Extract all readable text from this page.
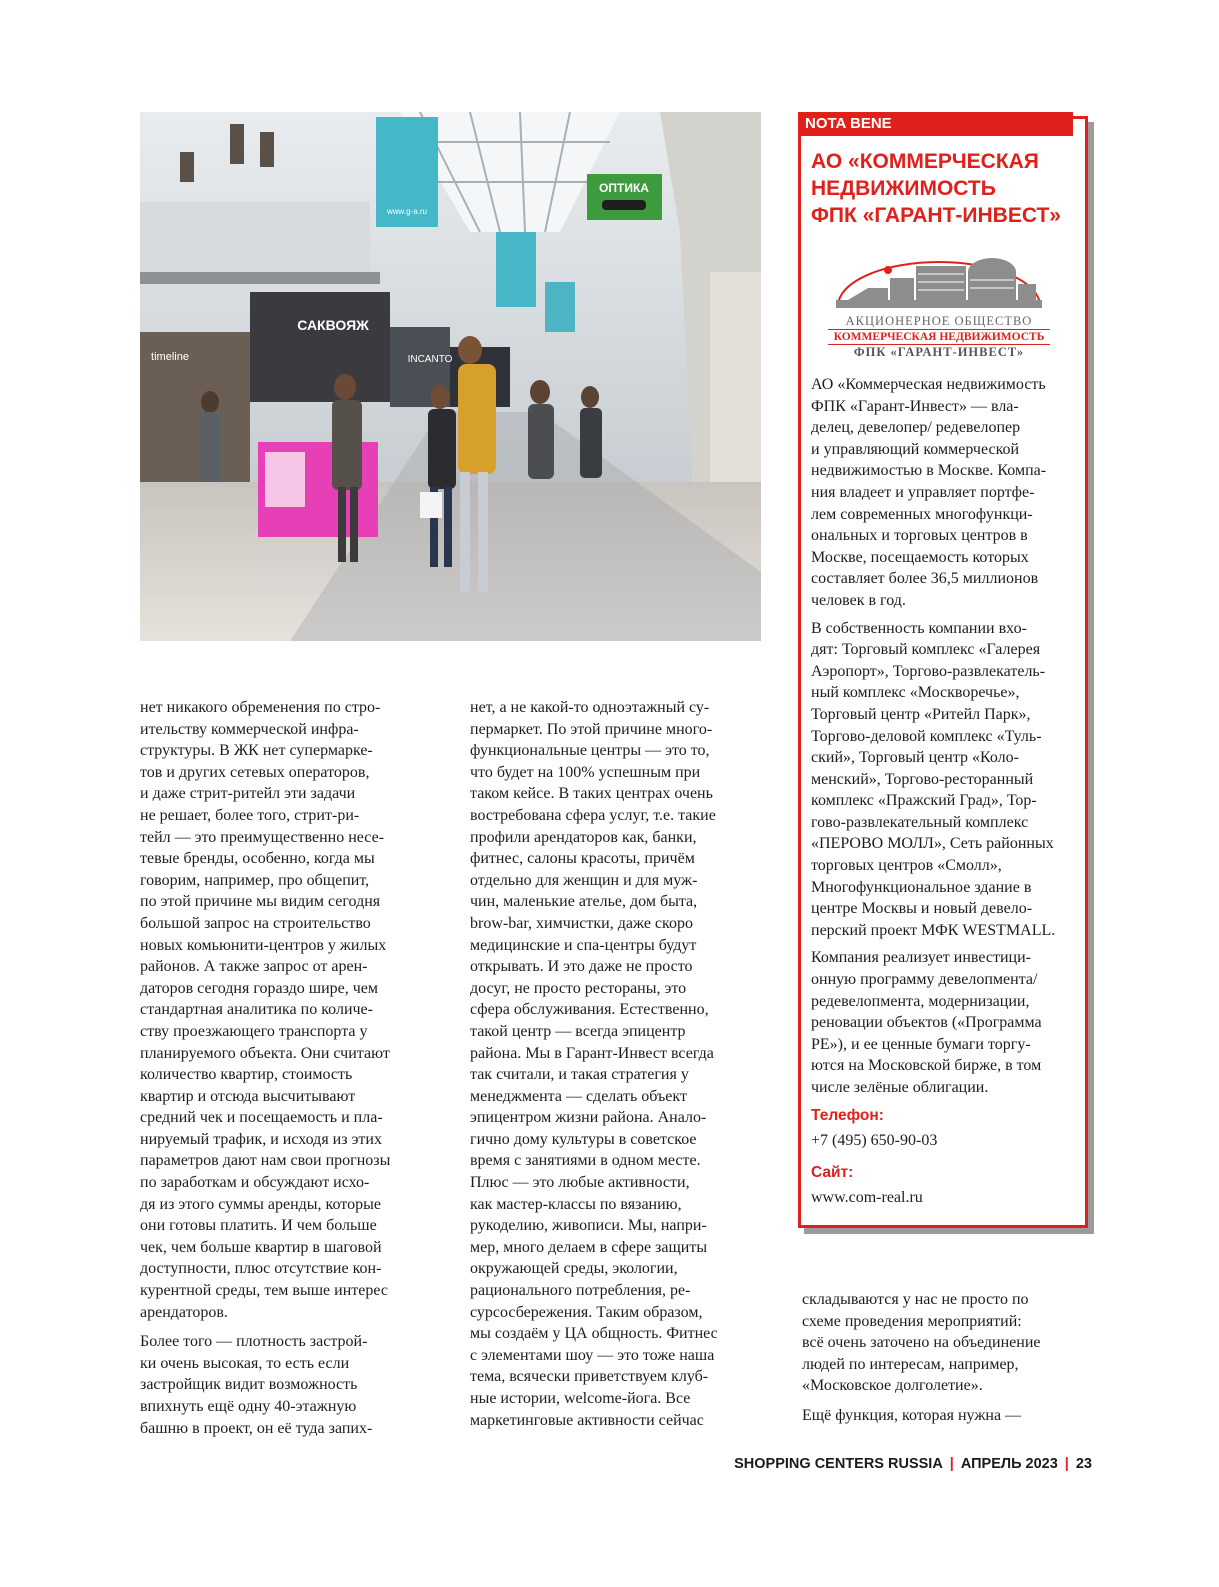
ОПТИКА
САКВОЯЖ
timeline	INCANTO
www.g-a.ru

нет никакого обременения по стро-
ительству коммерческой инфра-
структуры. В ЖК нет супермарке-
тов и других сетевых операторов,
и даже стрит-ритейл эти задачи
не решает, более того, стрит-ри-
тейл — это преимущественно несе-
тевые бренды, особенно, когда мы
говорим, например, про общепит,
по этой причине мы видим сегодня
большой запрос на строительство
новых комьюнити-центров у жилых
районов. А также запрос от арен-
даторов сегодня гораздо шире, чем
стандартная аналитика по количе-
ству проезжающего транспорта у
планируемого объекта. Они считают
количество квартир, стоимость
квартир и отсюда высчитывают
средний чек и посещаемость и пла-
нируемый трафик, и исходя из этих
параметров дают нам свои прогнозы
по заработкам и обсуждают исхо-
дя из этого суммы аренды, которые
они готовы платить. И чем больше
чек, чем больше квартир в шаговой
доступности, плюс отсутствие кон-
курентной среды, тем выше интерес
арендаторов.

Более того — плотность застрой-
ки очень высокая, то есть если
застройщик видит возможность
впихнуть ещё одну 40-этажную
башню в проект, он её туда запих-

нет, а не какой-то одноэтажный су-
пермаркет. По этой причине много-
функциональные центры — это то,
что будет на 100% успешным при
таком кейсе. В таких центрах очень
востребована сфера услуг, т.е. такие
профили арендаторов как, банки,
фитнес, салоны красоты, причём
отдельно для женщин и для муж-
чин, маленькие ателье, дом быта,
brow-bar, химчистки, даже скоро
медицинские и спа-центры будут
открывать. И это даже не просто
досуг, не просто рестораны, это
сфера обслуживания. Естественно,
такой центр — всегда эпицентр
района. Мы в Гарант-Инвест всегда
так считали, и такая стратегия у
менеджмента — сделать объект
эпицентром жизни района. Анало-
гично дому культуры в советское
время с занятиями в одном месте.
Плюс — это любые активности,
как мастер-классы по вязанию,
рукоделию, живописи. Мы, напри-
мер, много делаем в сфере защиты
окружающей среды, экологии,
рационального потребления, ре-
сурсосбережения. Таким образом,
мы создаём у ЦА общность. Фитнес
с элементами шоу — это тоже наша
тема, всячески приветствуем клуб-
ные истории, welcome-йога. Все
маркетинговые активности сейчас

складываются у нас не просто по
схеме проведения мероприятий:
всё очень заточено на объединение
людей по интересам, например,
«Московское долголетие».

Ещё функция, которая нужна —

NOTA BENE
АО «КОММЕРЧЕСКАЯ
НЕДВИЖИМОСТЬ
ФПК «ГАРАНТ-ИНВЕСТ»
АКЦИОНЕРНОЕ ОБЩЕСТВО
КОММЕРЧЕСКАЯ НЕДВИЖИМОСТЬ
ФПК «ГАРАНТ-ИНВЕСТ»

АО «Коммерческая недвижимость
ФПК «Гарант-Инвест» — вла-
делец, девелопер/ редевелопер
и управляющий коммерческой
недвижимостью в Москве. Компа-
ния владеет и управляет портфе-
лем современных многофункци-
ональных и торговых центров в
Москве, посещаемость которых
составляет более 36,5 миллионов
человек в год.

В собственность компании вхо-
дят: Торговый комплекс «Галерея
Аэропорт», Торгово-развлекатель-
ный комплекс «Москворечье»,
Торговый центр «Ритейл Парк»,
Торгово-деловой комплекс «Туль-
ский», Торговый центр «Коло-
менский», Торгово-ресторанный
комплекс «Пражский Град», Тор-
гово-развлекательный комплекс
«ПЕРОВО МОЛЛ», Сеть районных
торговых центров «Смолл»,
Многофункциональное здание в
центре Москвы и новый девело-
перский проект МФК WESTMALL.

Компания реализует инвестици-
онную программу девелопмента/
редевелопмента, модернизации,
реновации объектов («Программа
РЕ»), и ее ценные бумаги торгу-
ются на Московской бирже, в том
числе зелёные облигации.

Телефон:
+7 (495) 650-90-03
Сайт:
www.com-real.ru
SHOPPING CENTERS RUSSIA | АПРЕЛЬ 2023 | 23
